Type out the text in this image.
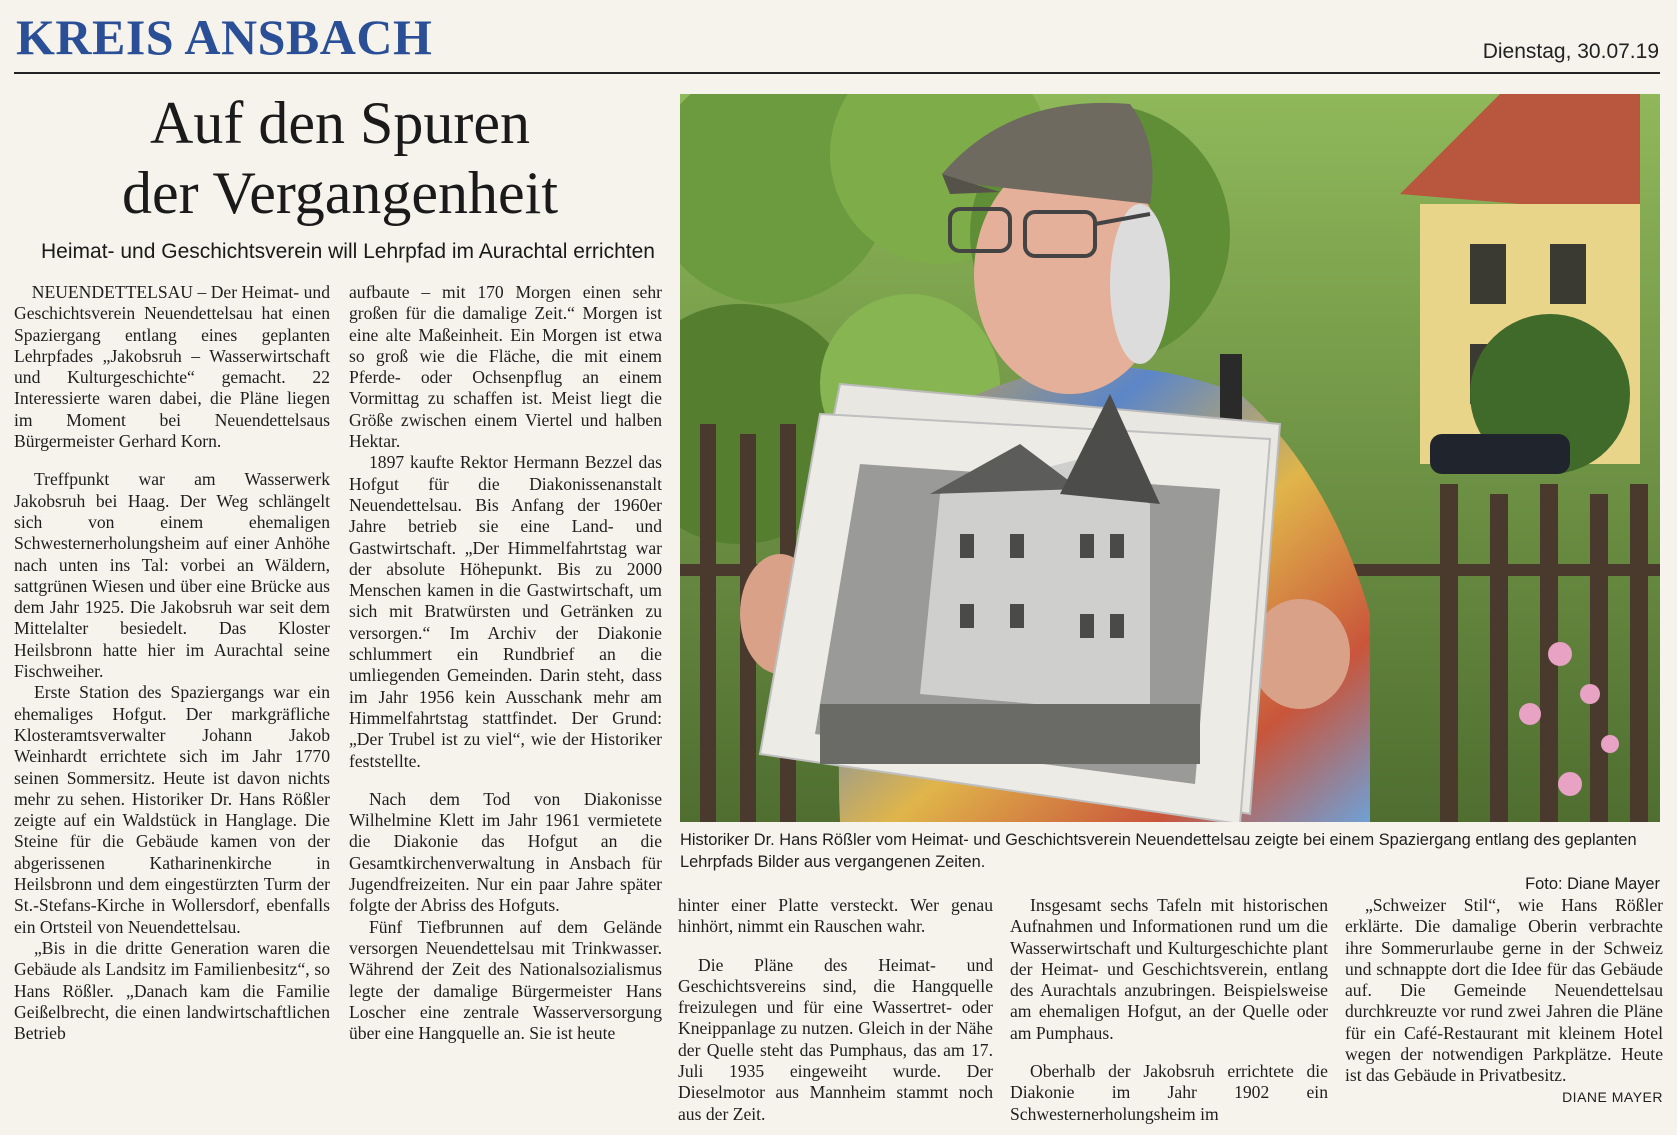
KREIS ANSBACH	Dienstag, 30.07.19
Auf den Spuren
der Vergangenheit
Heimat- und Geschichtsverein will Lehrpfad im Aurachtal errichten

NEUENDETTELSAU – Der Heimat- und Geschichtsverein Neuendettelsau hat einen Spaziergang entlang eines geplanten Lehrpfades „Jakobsruh – Wasserwirtschaft und Kulturgeschichte“ gemacht. 22 Interessierte waren dabei, die Pläne liegen im Moment bei Neuendettelsaus Bürgermeister Gerhard Korn.

Treffpunkt war am Wasserwerk Jakobsruh bei Haag. Der Weg schlängelt sich von einem ehemaligen Schwesternerholungsheim auf einer Anhöhe nach unten ins Tal: vorbei an Wäldern, sattgrünen Wiesen und über eine Brücke aus dem Jahr 1925. Die Jakobsruh war seit dem Mittelalter besiedelt. Das Kloster Heilsbronn hatte hier im Aurachtal seine Fischweiher.

Erste Station des Spaziergangs war ein ehemaliges Hofgut. Der markgräfliche Klosteramtsverwalter Johann Jakob Weinhardt errichtete sich im Jahr 1770 seinen Sommersitz. Heute ist davon nichts mehr zu sehen. Historiker Dr. Hans Rößler zeigte auf ein Waldstück in Hanglage. Die Steine für die Gebäude kamen von der abgerissenen Katharinenkirche in Heilsbronn und dem eingestürzten Turm der St.-Stefans-Kirche in Wollersdorf, ebenfalls ein Ortsteil von Neuendettelsau.

„Bis in die dritte Generation waren die Gebäude als Landsitz im Familienbesitz“, so Hans Rößler. „Danach kam die Familie Geißelbrecht, die einen landwirtschaftlichen Betrieb

aufbaute – mit 170 Morgen einen sehr großen für die damalige Zeit.“ Morgen ist eine alte Maßeinheit. Ein Morgen ist etwa so groß wie die Fläche, die mit einem Pferde- oder Ochsenpflug an einem Vormittag zu schaffen ist. Meist liegt die Größe zwischen einem Viertel und halben Hektar.

1897 kaufte Rektor Hermann Bezzel das Hofgut für die Diakonissenanstalt Neuendettelsau. Bis Anfang der 1960er Jahre betrieb sie eine Land- und Gastwirtschaft. „Der Himmelfahrtstag war der absolute Höhepunkt. Bis zu 2000 Menschen kamen in die Gastwirtschaft, um sich mit Bratwürsten und Getränken zu versorgen.“ Im Archiv der Diakonie schlummert ein Rundbrief an die umliegenden Gemeinden. Darin steht, dass im Jahr 1956 kein Ausschank mehr am Himmelfahrtstag stattfindet. Der Grund: „Der Trubel ist zu viel“, wie der Historiker feststellte.

Nach dem Tod von Diakonisse Wilhelmine Klett im Jahr 1961 vermietete die Diakonie das Hofgut an die Gesamtkirchenverwaltung in Ansbach für Jugendfreizeiten. Nur ein paar Jahre später folgte der Abriss des Hofguts.

Fünf Tiefbrunnen auf dem Gelände versorgen Neuendettelsau mit Trinkwasser. Während der Zeit des Nationalsozialismus legte der damalige Bürgermeister Hans Loscher eine zentrale Wasserversorgung über eine Hangquelle an. Sie ist heute

Historiker Dr. Hans Rößler vom Heimat- und Geschichtsverein Neuendettelsau zeigte bei einem Spaziergang entlang des geplanten Lehrpfads Bilder aus vergangenen Zeiten.
Foto: Diane Mayer

hinter einer Platte versteckt. Wer genau hinhört, nimmt ein Rauschen wahr.

Die Pläne des Heimat- und Geschichtsvereins sind, die Hangquelle freizulegen und für eine Wassertret- oder Kneippanlage zu nutzen. Gleich in der Nähe der Quelle steht das Pumphaus, das am 17. Juli 1935 eingeweiht wurde. Der Dieselmotor aus Mannheim stammt noch aus der Zeit.

Insgesamt sechs Tafeln mit historischen Aufnahmen und Informationen rund um die Wasserwirtschaft und Kulturgeschichte plant der Heimat- und Geschichtsverein, entlang des Aurachtals anzubringen. Beispielsweise am ehemaligen Hofgut, an der Quelle oder am Pumphaus.

Oberhalb der Jakobsruh errichtete die Diakonie im Jahr 1902 ein Schwesternerholungsheim im

„Schweizer Stil“, wie Hans Rößler erklärte. Die damalige Oberin verbrachte ihre Sommerurlaube gerne in der Schweiz und schnappte dort die Idee für das Gebäude auf. Die Gemeinde Neuendettelsau durchkreuzte vor rund zwei Jahren die Pläne für ein Café-Restaurant mit kleinem Hotel wegen der notwendigen Parkplätze. Heute ist das Gebäude in Privatbesitz.
DIANE MAYER
